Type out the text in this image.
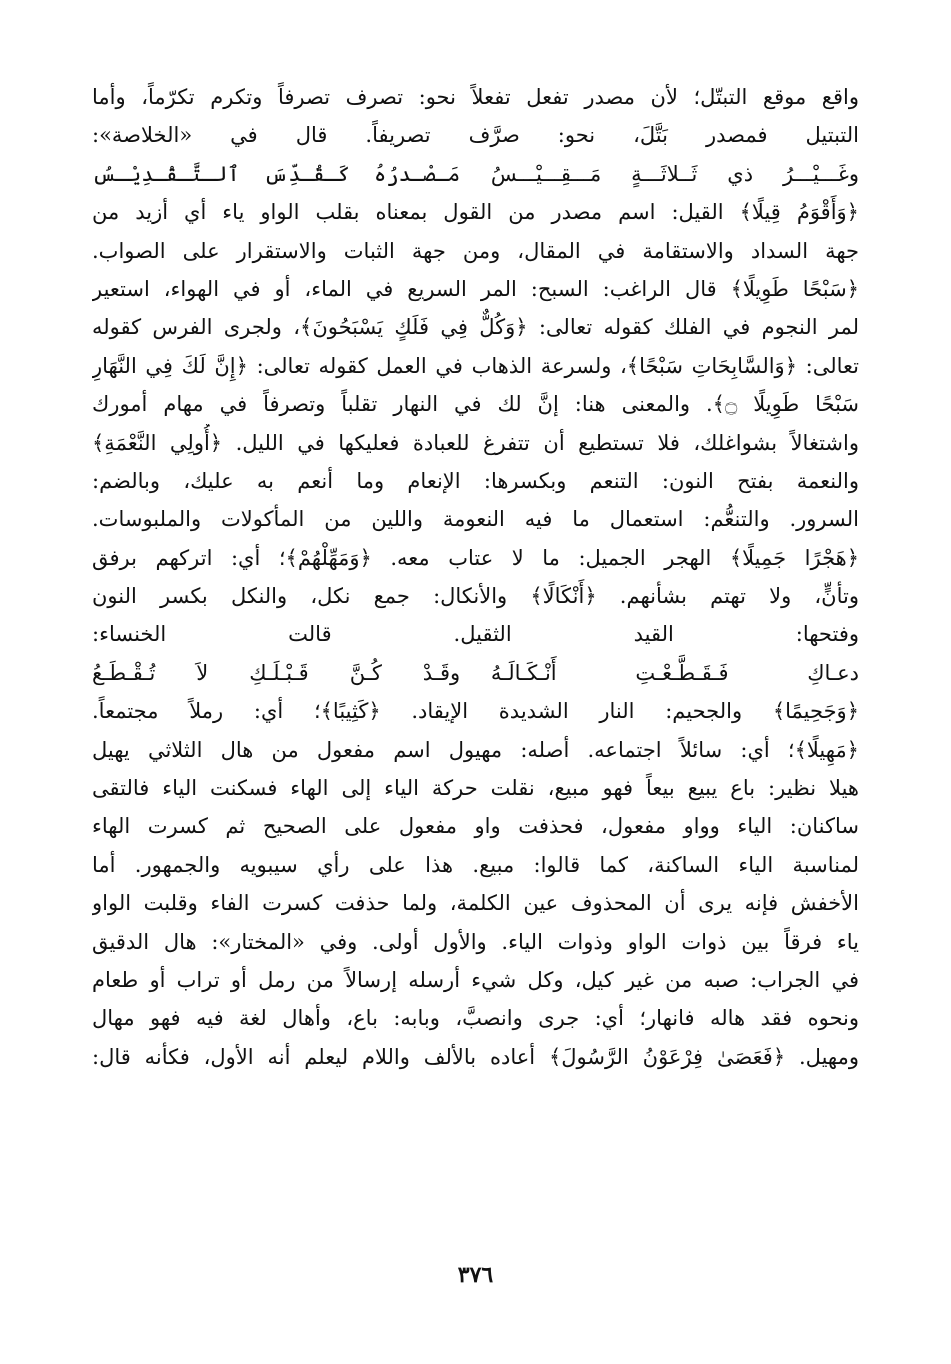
واقع موقع التبتّل؛ لأن مصدر تفعل تفعلاً نحو: تصرف تصرفاً وتكرم تكرّماً، وأما
التبتيل فمصدر بَتَّلَ، نحو: صرَّف تصريفاً. قال في «الخلاصة»:
وغَـــيْـــرُ ذي ثَــلاثَـــةٍ مَـــقِـــيْـــسُ
مَـصْـدرُهُ كَـقُـدِّسَ ٱلـتَّـقْـدِيْـسُ
﴿وَأَقْوَمُ قِيلًا﴾ القيل: اسم مصدر من القول بمعناه بقلب الواو ياء أي أزيد من
جهة السداد والاستقامة في المقال، ومن جهة الثبات والاستقرار على الصواب.
﴿سَبْحًا طَوِيلًا﴾ قال الراغب: السبح: المر السريع في الماء، أو في الهواء، استعير
لمر النجوم في الفلك كقوله تعالى: ﴿وَكُلٌّ فِي فَلَكٍ يَسْبَحُونَ﴾، ولجرى الفرس كقوله
تعالى: ﴿وَالسَّابِحَاتِ سَبْحًا﴾، ولسرعة الذهاب في العمل كقوله تعالى: ﴿إِنَّ لَكَ فِي النَّهَارِ
سَبْحًا طَوِيلًا ۝﴾. والمعنى هنا: إنَّ لك في النهار تقلباً وتصرفاً في مهام أمورك
واشتغالاً بشواغلك، فلا تستطيع أن تتفرغ للعبادة فعليكها في الليل. ﴿أُولِي النَّعْمَةِ﴾
والنعمة بفتح النون: التنعم وبكسرها: الإنعام وما أنعم به عليك، وبالضم:
السرور. والتنعُّم: استعمال ما فيه النعومة واللين من المأكولات والملبوسات.
﴿هَجْرًا جَمِيلًا﴾ الهجر الجميل: ما لا عتاب معه. ﴿وَمَهِّلْهُمْ﴾؛ أي: اتركهم برفق
وتأنٍّ، ولا تهتم بشأنهم. ﴿أَنْكَالًا﴾ والأنكال: جمع نكل، والنكل بكسر النون
وفتحها: القيد الثقيل. قالت الخنساء:
دعـاكِ فَـقَـطَّـعْـتِ أَنْـكَـالَـهُ
وقَـدْ كُـنَّ قَـبْـلَـكِ لاَ تُـقْـطَـعُ
﴿وَجَحِيمًا﴾ والجحيم: النار الشديدة الإيقاد. ﴿كَثِيبًا﴾؛ أي: رملاً مجتمعاً.
﴿مَهِيلًا﴾؛ أي: سائلاً اجتماعه. أصله: مهيول اسم مفعول من هال الثلاثي يهيل
هيلا نظير: باع يبيع بيعاً فهو مبيع، نقلت حركة الياء إلى الهاء فسكنت الياء فالتقى
ساكنان: الياء وواو مفعول، فحذفت واو مفعول على الصحيح ثم كسرت الهاء
لمناسبة الياء الساكنة، كما قالوا: مبيع. هذا على رأي سيبويه والجمهور. أما
الأخفش فإنه يرى أن المحذوف عين الكلمة، ولما حذفت كسرت الفاء وقلبت الواو
ياء فرقاً بين ذوات الواو وذوات الياء. والأول أولى. وفي «المختار»: هال الدقيق
في الجراب: صبه من غير كيل، وكل شيء أرسله إرسالاً من رمل أو تراب أو طعام
ونحوه فقد هاله فانهار؛ أي: جرى وانصبَّ، وبابه: باع، وأهال لغة فيه فهو مهال
ومهيل. ﴿فَعَصَىٰ فِرْعَوْنُ الرَّسُولَ﴾ أعاده بالألف واللام ليعلم أنه الأول، فكأنه قال:
٣٧٦
